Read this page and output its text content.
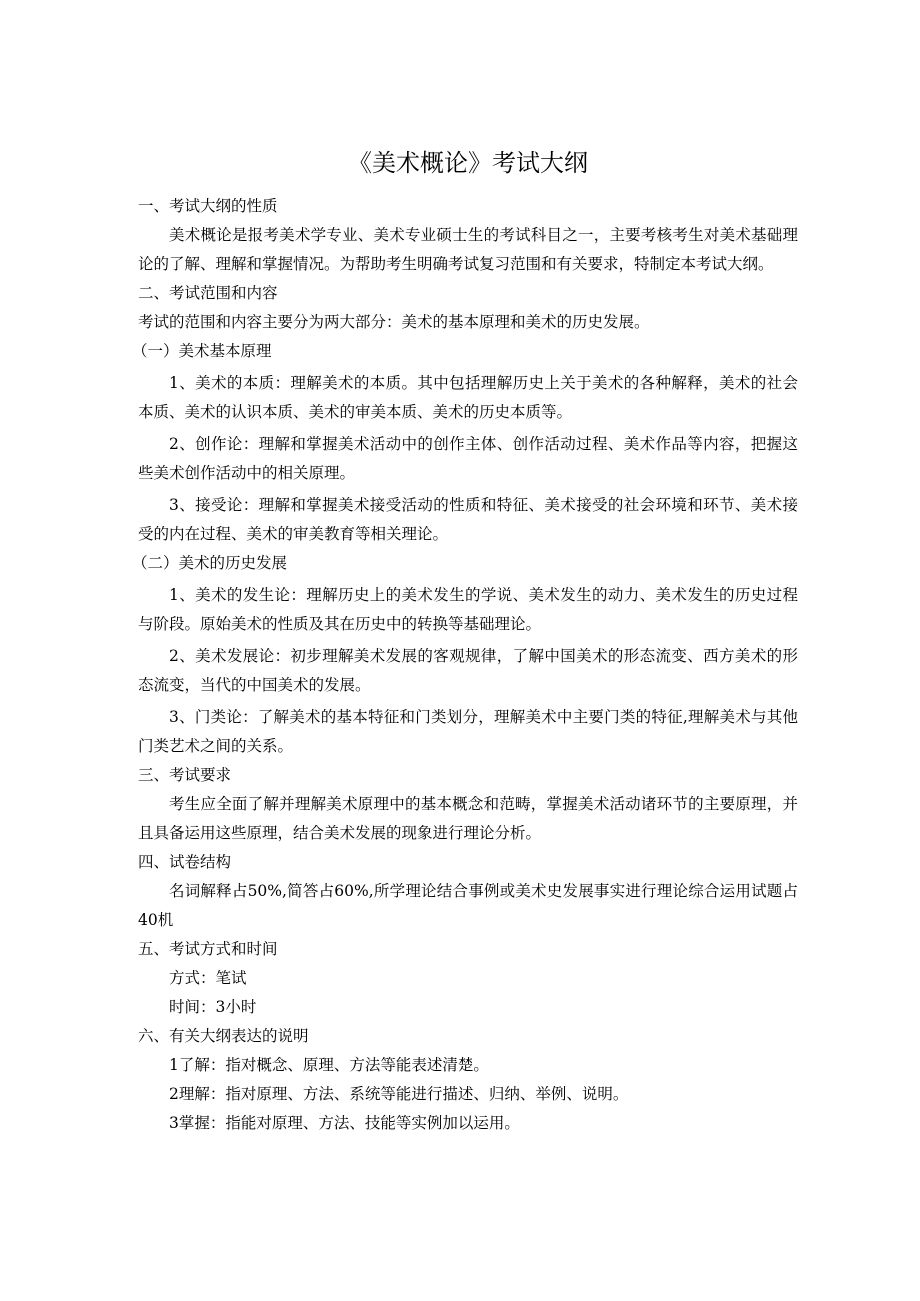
《美术概论》考试大纲

一、考试大纲的性质

美术概论是报考美术学专业、美术专业硕士生的考试科目之一，主要考核考生对美术基础理论的了解、理解和掌握情况。为帮助考生明确考试复习范围和有关要求，特制定本考试大纲。

二、考试范围和内容

考试的范围和内容主要分为两大部分：美术的基本原理和美术的历史发展。

（一）美术基本原理

1、美术的本质：理解美术的本质。其中包括理解历史上关于美术的各种解释，美术的社会本质、美术的认识本质、美术的审美本质、美术的历史本质等。

2、创作论：理解和掌握美术活动中的创作主体、创作活动过程、美术作品等内容，把握这些美术创作活动中的相关原理。

3、接受论：理解和掌握美术接受活动的性质和特征、美术接受的社会环境和环节、美术接受的内在过程、美术的审美教育等相关理论。

（二）美术的历史发展

1、美术的发生论：理解历史上的美术发生的学说、美术发生的动力、美术发生的历史过程与阶段。原始美术的性质及其在历史中的转换等基础理论。

2、美术发展论：初步理解美术发展的客观规律，了解中国美术的形态流变、西方美术的形态流变，当代的中国美术的发展。

3、门类论：了解美术的基本特征和门类划分，理解美术中主要门类的特征,理解美术与其他门类艺术之间的关系。

三、考试要求

考生应全面了解并理解美术原理中的基本概念和范畴，掌握美术活动诸环节的主要原理，并且具备运用这些原理，结合美术发展的现象进行理论分析。

四、试卷结构

名词解释占50%,简答占60%,所学理论结合事例或美术史发展事实进行理论综合运用试题占40机

五、考试方式和时间

方式：笔试

时间：3小时

六、有关大纲表达的说明

1了解：指对概念、原理、方法等能表述清楚。

2理解：指对原理、方法、系统等能进行描述、归纳、举例、说明。

3掌握：指能对原理、方法、技能等实例加以运用。
